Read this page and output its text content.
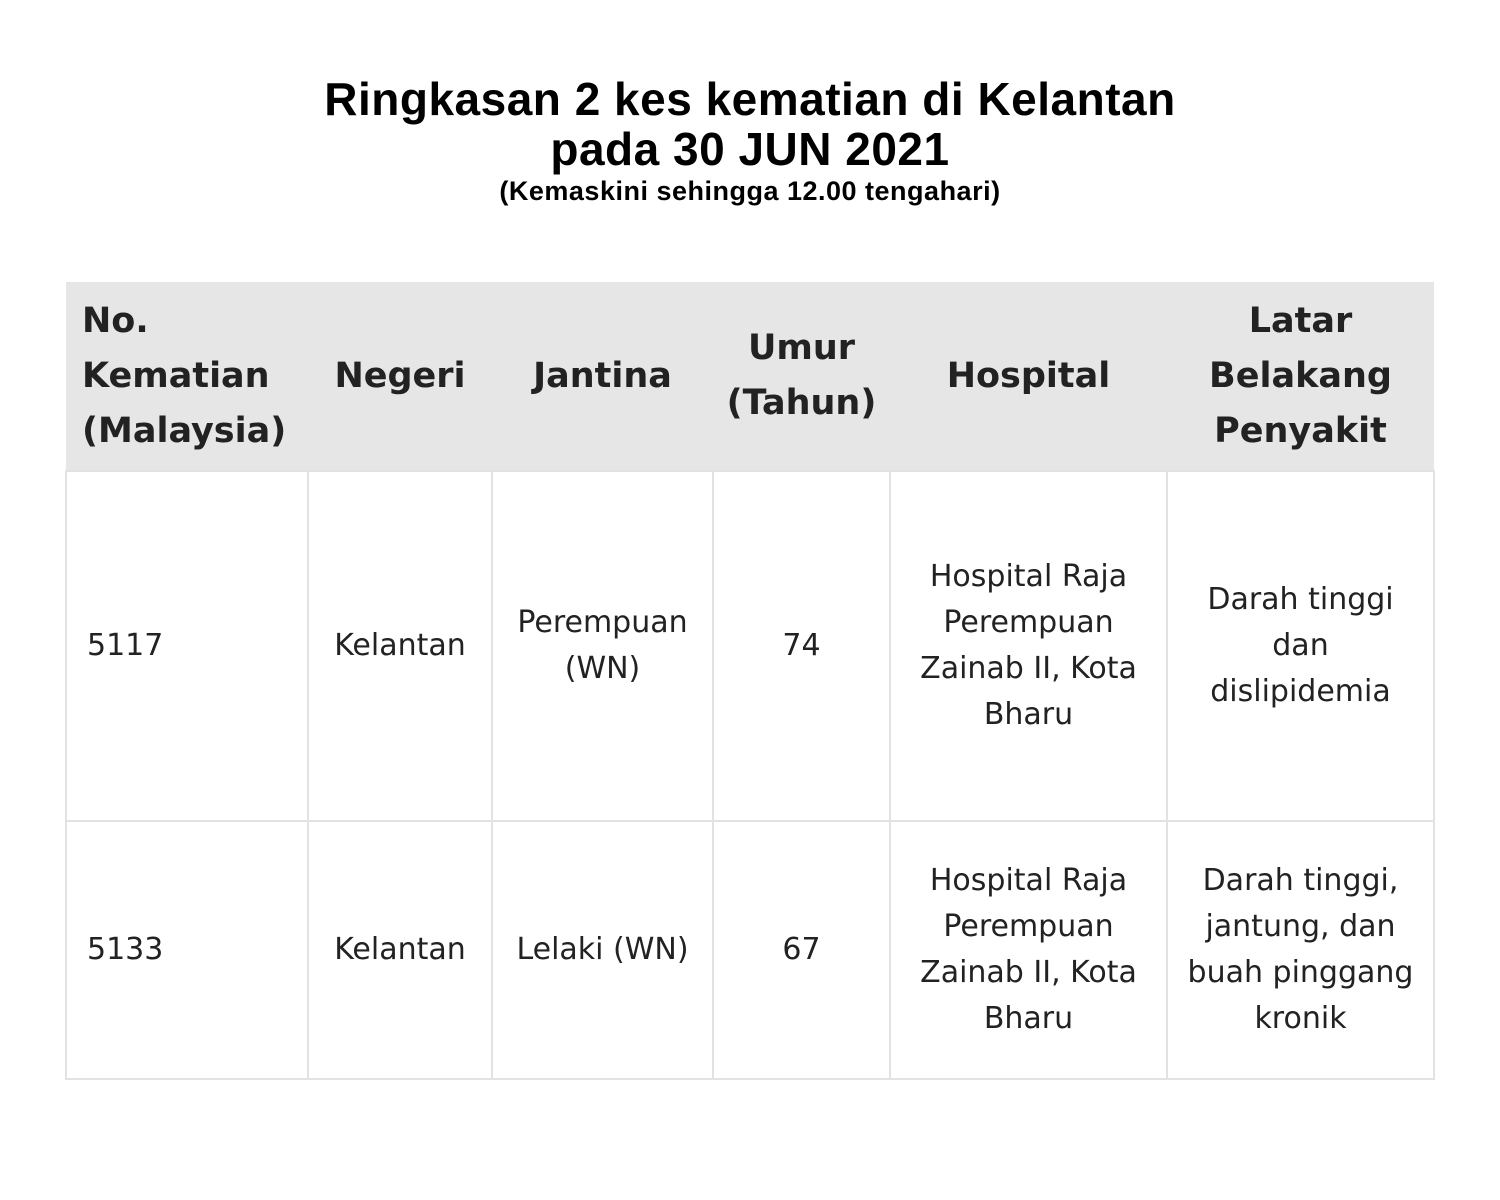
Ringkasan 2 kes kematian di Kelantan

pada 30 JUN 2021

(Kemaskini sehingga 12.00 tengahari)

No. Kematian (Malaysia)	Negeri	Jantina	Umur (Tahun)	Hospital	Latar Belakang Penyakit
5117	Kelantan	Perempuan (WN)	74	Hospital Raja Perempuan Zainab II, Kota Bharu	Darah tinggi dan dislipidemia
5133	Kelantan	Lelaki (WN)	67	Hospital Raja Perempuan Zainab II, Kota Bharu	Darah tinggi, jantung, dan buah pinggang kronik
